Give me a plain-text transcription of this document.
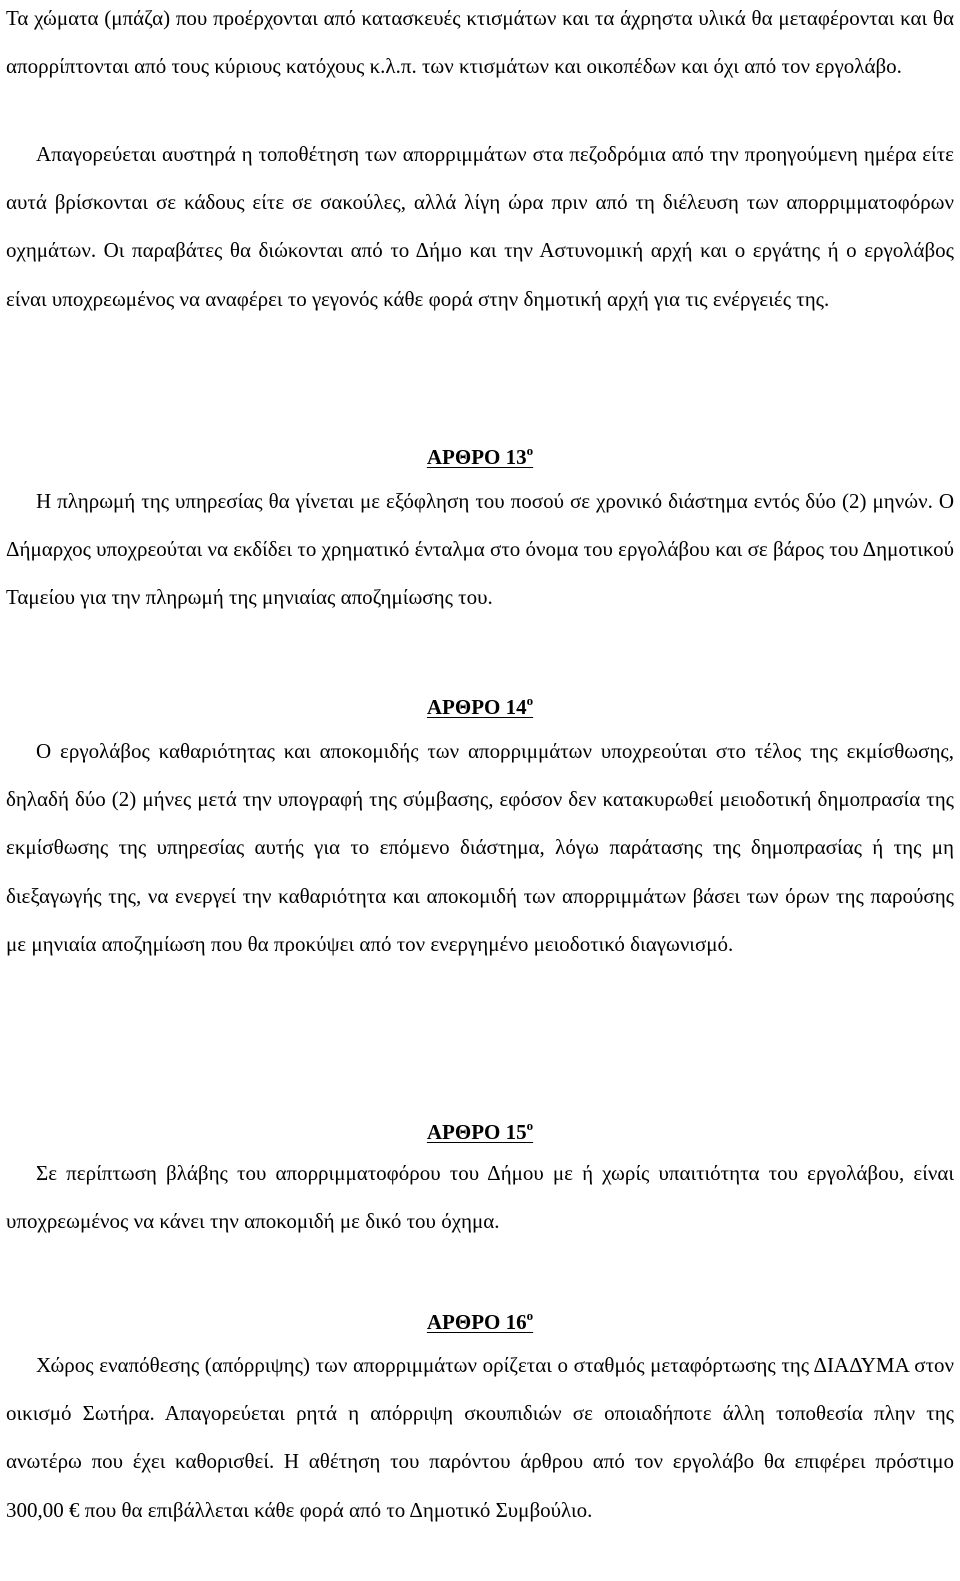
Τα χώματα (μπάζα) που προέρχονται από κατασκευές κτισμάτων και τα άχρηστα υλικά θα μεταφέρονται και θα απορρίπτονται από τους κύριους κατόχους κ.λ.π. των κτισμάτων και οικοπέδων και όχι από τον εργολάβο.

Απαγορεύεται αυστηρά η τοποθέτηση των απορριμμάτων στα πεζοδρόμια από την προηγούμενη ημέρα είτε αυτά βρίσκονται σε κάδους είτε σε σακούλες, αλλά λίγη ώρα πριν από τη διέλευση των απορριμματοφόρων οχημάτων. Οι παραβάτες θα διώκονται από το Δήμο και την Αστυνομική αρχή και ο εργάτης ή ο εργολάβος είναι υποχρεωμένος να αναφέρει το γεγονός κάθε φορά στην δημοτική αρχή για τις ενέργειές της.

ΑΡΘΡΟ $13^o$

Η πληρωμή της υπηρεσίας θα γίνεται με εξόφληση του ποσού σε χρονικό διάστημα εντός δύο (2) μηνών. Ο Δήμαρχος υποχρεούται να εκδίδει το χρηματικό ένταλμα στο όνομα του εργολάβου και σε βάρος του Δημοτικού Ταμείου για την πληρωμή της μηνιαίας αποζημίωσης του.

ΑΡΘΡΟ $14^o$

Ο εργολάβος καθαριότητας και αποκομιδής των απορριμμάτων υποχρεούται στο τέλος της εκμίσθωσης, δηλαδή δύο (2) μήνες μετά την υπογραφή της σύμβασης, εφόσον δεν κατακυρωθεί μειοδοτική δημοπρασία της εκμίσθωσης της υπηρεσίας αυτής για το επόμενο διάστημα, λόγω παράτασης της δημοπρασίας ή της μη διεξαγωγής της, να ενεργεί την καθαριότητα και αποκομιδή των απορριμμάτων βάσει των όρων της παρούσης με μηνιαία αποζημίωση που θα προκύψει από τον ενεργημένο μειοδοτικό διαγωνισμό.

ΑΡΘΡΟ $15^o$

Σε περίπτωση βλάβης του απορριμματοφόρου του Δήμου με ή χωρίς υπαιτιότητα του εργολάβου, είναι υποχρεωμένος να κάνει την αποκομιδή με δικό του όχημα.

ΑΡΘΡΟ $16^o$

Χώρος εναπόθεσης (απόρριψης) των απορριμμάτων ορίζεται ο σταθμός μεταφόρτωσης της ΔΙΑΔΥΜΑ στον οικισμό Σωτήρα. Απαγορεύεται ρητά η απόρριψη σκουπιδιών σε οποιαδήποτε άλλη τοποθεσία πλην της ανωτέρω που έχει καθορισθεί. Η αθέτηση του παρόντου άρθρου από τον εργολάβο θα επιφέρει πρόστιμο 300,00 € που θα επιβάλλεται κάθε φορά από το Δημοτικό Συμβούλιο.
